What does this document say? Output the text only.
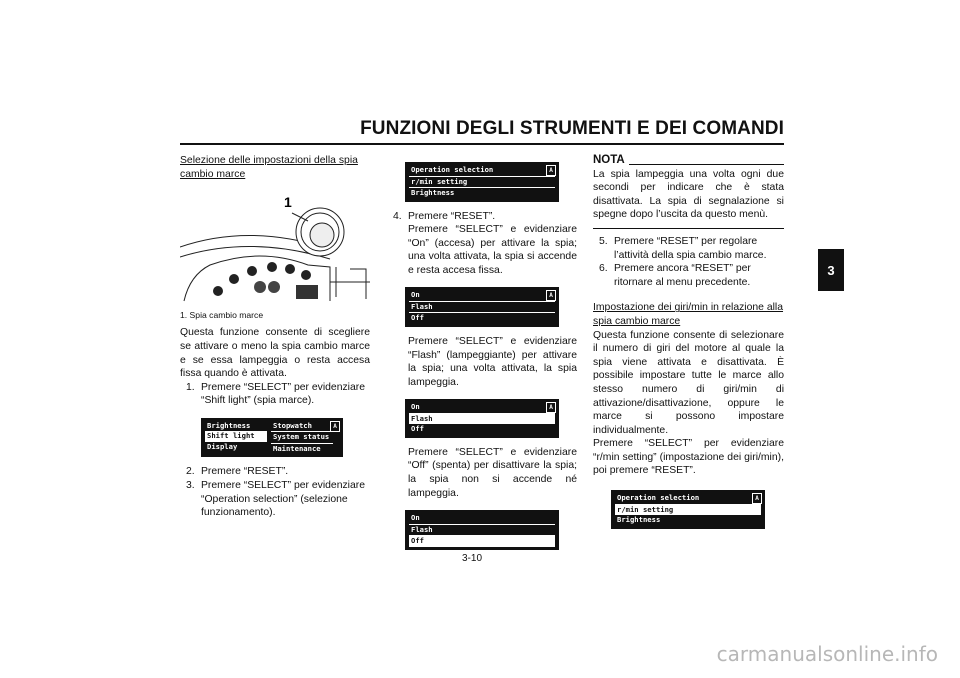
FUNZIONI DEGLI STRUMENTI E DEI COMANDI
3

Selezione delle impostazioni della spia cambio marce

1
1. Spia cambio marce

Questa funzione consente di scegliere se attivare o meno la spia cambio marce e se essa lampeggia o resta accesa fissa quando è attivata.

1. Premere “SELECT” per evidenziare “Shift light” (spia marce).
Brightness
Shift light
Display
Stopwatch
System status
Maintenance
A
2. Premere “RESET”.
3. Premere “SELECT” per evidenziare “Operation selection” (selezione funzionamento).
Operation selection
r/min setting
Brightness
A
4. Premere “RESET”.

Premere “SELECT” e evidenziare “On” (accesa) per attivare la spia; una volta attivata, la spia si accende e resta accesa fissa.

On
Flash
Off
A

Premere “SELECT” e evidenziare “Flash” (lampeggiante) per attivare la spia; una volta attivata, la spia lampeggia.

On
Flash
Off
A

Premere “SELECT” e evidenziare “Off” (spenta) per disattivare la spia; la spia non si accende né lampeggia.

On
Flash
Off
NOTA

La spia lampeggia una volta ogni due secondi per indicare che è stata disattivata. La spia di segnalazione si spegne dopo l’uscita da questo menù.

5. Premere “RESET” per regolare l’attività della spia cambio marce.
6. Premere ancora “RESET” per ritornare al menu precedente.

Impostazione dei giri/min in relazione alla spia cambio marce

Questa funzione consente di selezionare il numero di giri del motore al quale la spia viene attivata e disattivata. È possibile impostare tutte le marce allo stesso numero di giri/min di attivazione/disattivazione, oppure le marce si possono impostare individualmente.

Premere “SELECT” per evidenziare “r/min setting” (impostazione dei giri/min), poi premere “RESET”.

Operation selection
r/min setting
Brightness
A
3-10
carmanualsonline.info
